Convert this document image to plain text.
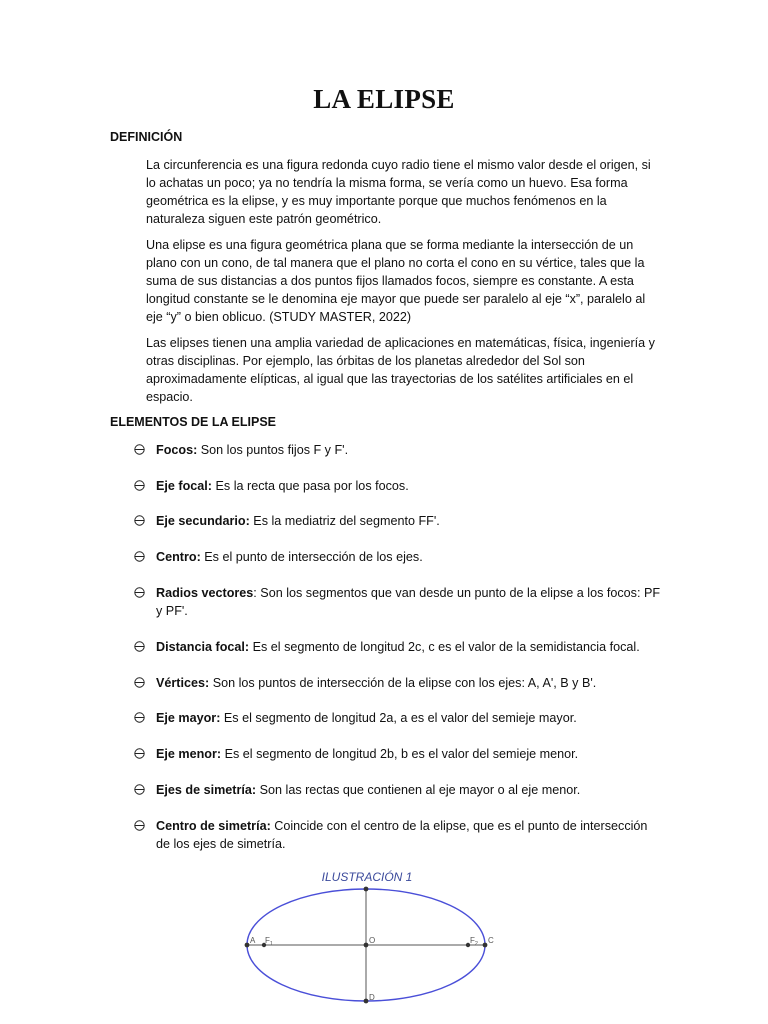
LA ELIPSE
DEFINICIÓN

La circunferencia es una figura redonda cuyo radio tiene el mismo valor desde el origen, si lo achatas un poco; ya no tendría la misma forma, se vería como un huevo. Esa forma geométrica es la elipse, y es muy importante porque que muchos fenómenos en la naturaleza siguen este patrón geométrico.

Una elipse es una figura geométrica plana que se forma mediante la intersección de un plano con un cono, de tal manera que el plano no corta el cono en su vértice, tales que la suma de sus distancias a dos puntos fijos llamados focos, siempre es constante. A esta longitud constante se le denomina eje mayor que puede ser paralelo al eje “x”, paralelo al eje “y” o bien oblicuo. (STUDY MASTER, 2022)

Las elipses tienen una amplia variedad de aplicaciones en matemáticas, física, ingeniería y otras disciplinas. Por ejemplo, las órbitas de los planetas alrededor del Sol son aproximadamente elípticas, al igual que las trayectorias de los satélites artificiales en el espacio.

ELEMENTOS DE LA ELIPSE
Focos: Son los puntos fijos F y F'.
Eje focal: Es la recta que pasa por los focos.
Eje secundario: Es la mediatriz del segmento FF'.
Centro: Es el punto de intersección de los ejes.
Radios vectores: Son los segmentos que van desde un punto de la elipse a los focos: PF y PF'.
Distancia focal: Es el segmento de longitud 2c, c es el valor de la semidistancia focal.
Vértices: Son los puntos de intersección de la elipse con los ejes: A, A', B y B'.
Eje mayor: Es el segmento de longitud 2a, a es el valor del semieje mayor.
Eje menor: Es el segmento de longitud 2b, b es el valor del semieje menor.
Ejes de simetría: Son las rectas que contienen al eje mayor o al eje menor.
Centro de simetría: Coincide con el centro de la elipse, que es el punto de intersección de los ejes de simetría.
ILUSTRACIÓN 1
A $F_1$	O	$F_2$ C
D
